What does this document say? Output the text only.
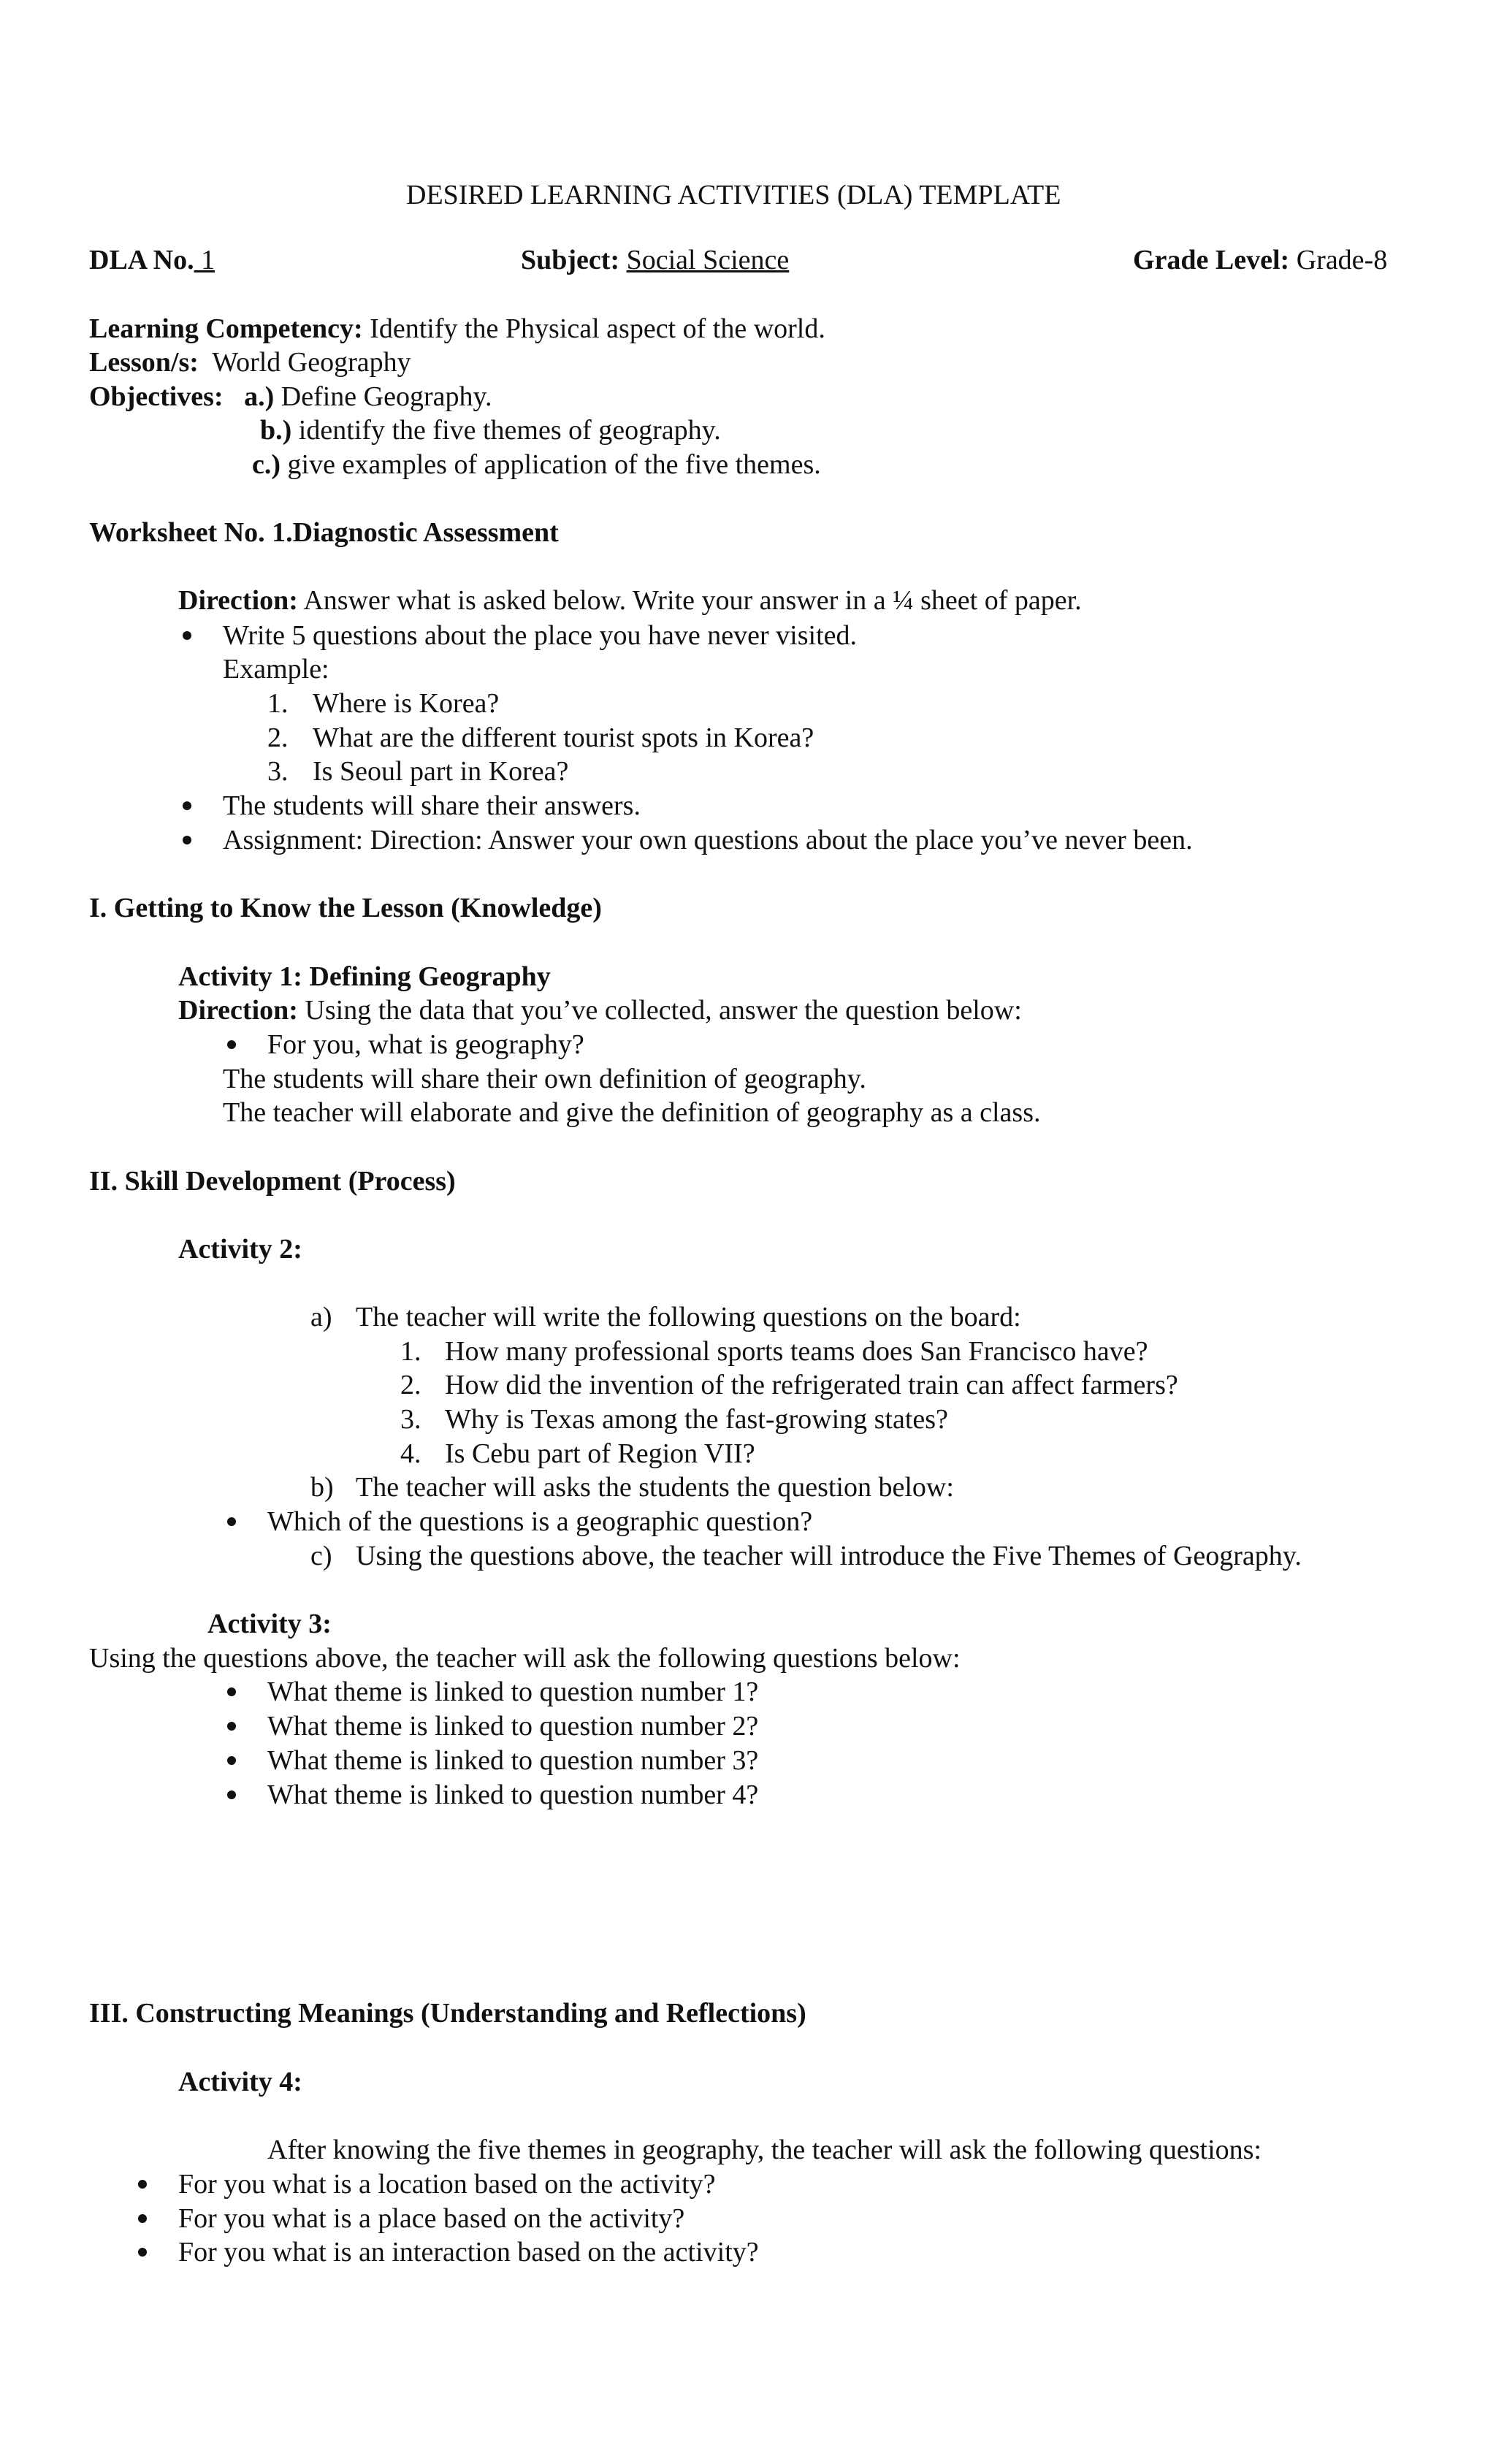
DESIRED LEARNING ACTIVITIES (DLA) TEMPLATE
DLA No. 1	Subject: Social Science	Grade Level: Grade-8
Learning Competency: Identify the Physical aspect of the world.
Lesson/s: World Geography
Objectives: a.) Define Geography.
b.) identify the five themes of geography.
c.) give examples of application of the five themes.
Worksheet No. 1.Diagnostic Assessment
Direction: Answer what is asked below. Write your answer in a ¼ sheet of paper.
Write 5 questions about the place you have never visited.
Example:
1. Where is Korea?
2. What are the different tourist spots in Korea?
3. Is Seoul part in Korea?
The students will share their answers.
Assignment: Direction: Answer your own questions about the place you’ve never been.
I. Getting to Know the Lesson (Knowledge)
Activity 1: Defining Geography
Direction: Using the data that you’ve collected, answer the question below:
For you, what is geography?
The students will share their own definition of geography.
The teacher will elaborate and give the definition of geography as a class.
II. Skill Development (Process)
Activity 2:
a) The teacher will write the following questions on the board:
1. How many professional sports teams does San Francisco have?
2. How did the invention of the refrigerated train can affect farmers?
3. Why is Texas among the fast-growing states?
4. Is Cebu part of Region VII?
b) The teacher will asks the students the question below:
Which of the questions is a geographic question?
c) Using the questions above, the teacher will introduce the Five Themes of Geography.
Activity 3:
Using the questions above, the teacher will ask the following questions below:
What theme is linked to question number 1?
What theme is linked to question number 2?
What theme is linked to question number 3?
What theme is linked to question number 4?
III. Constructing Meanings (Understanding and Reflections)
Activity 4:
After knowing the five themes in geography, the teacher will ask the following questions:
For you what is a location based on the activity?
For you what is a place based on the activity?
For you what is an interaction based on the activity?
